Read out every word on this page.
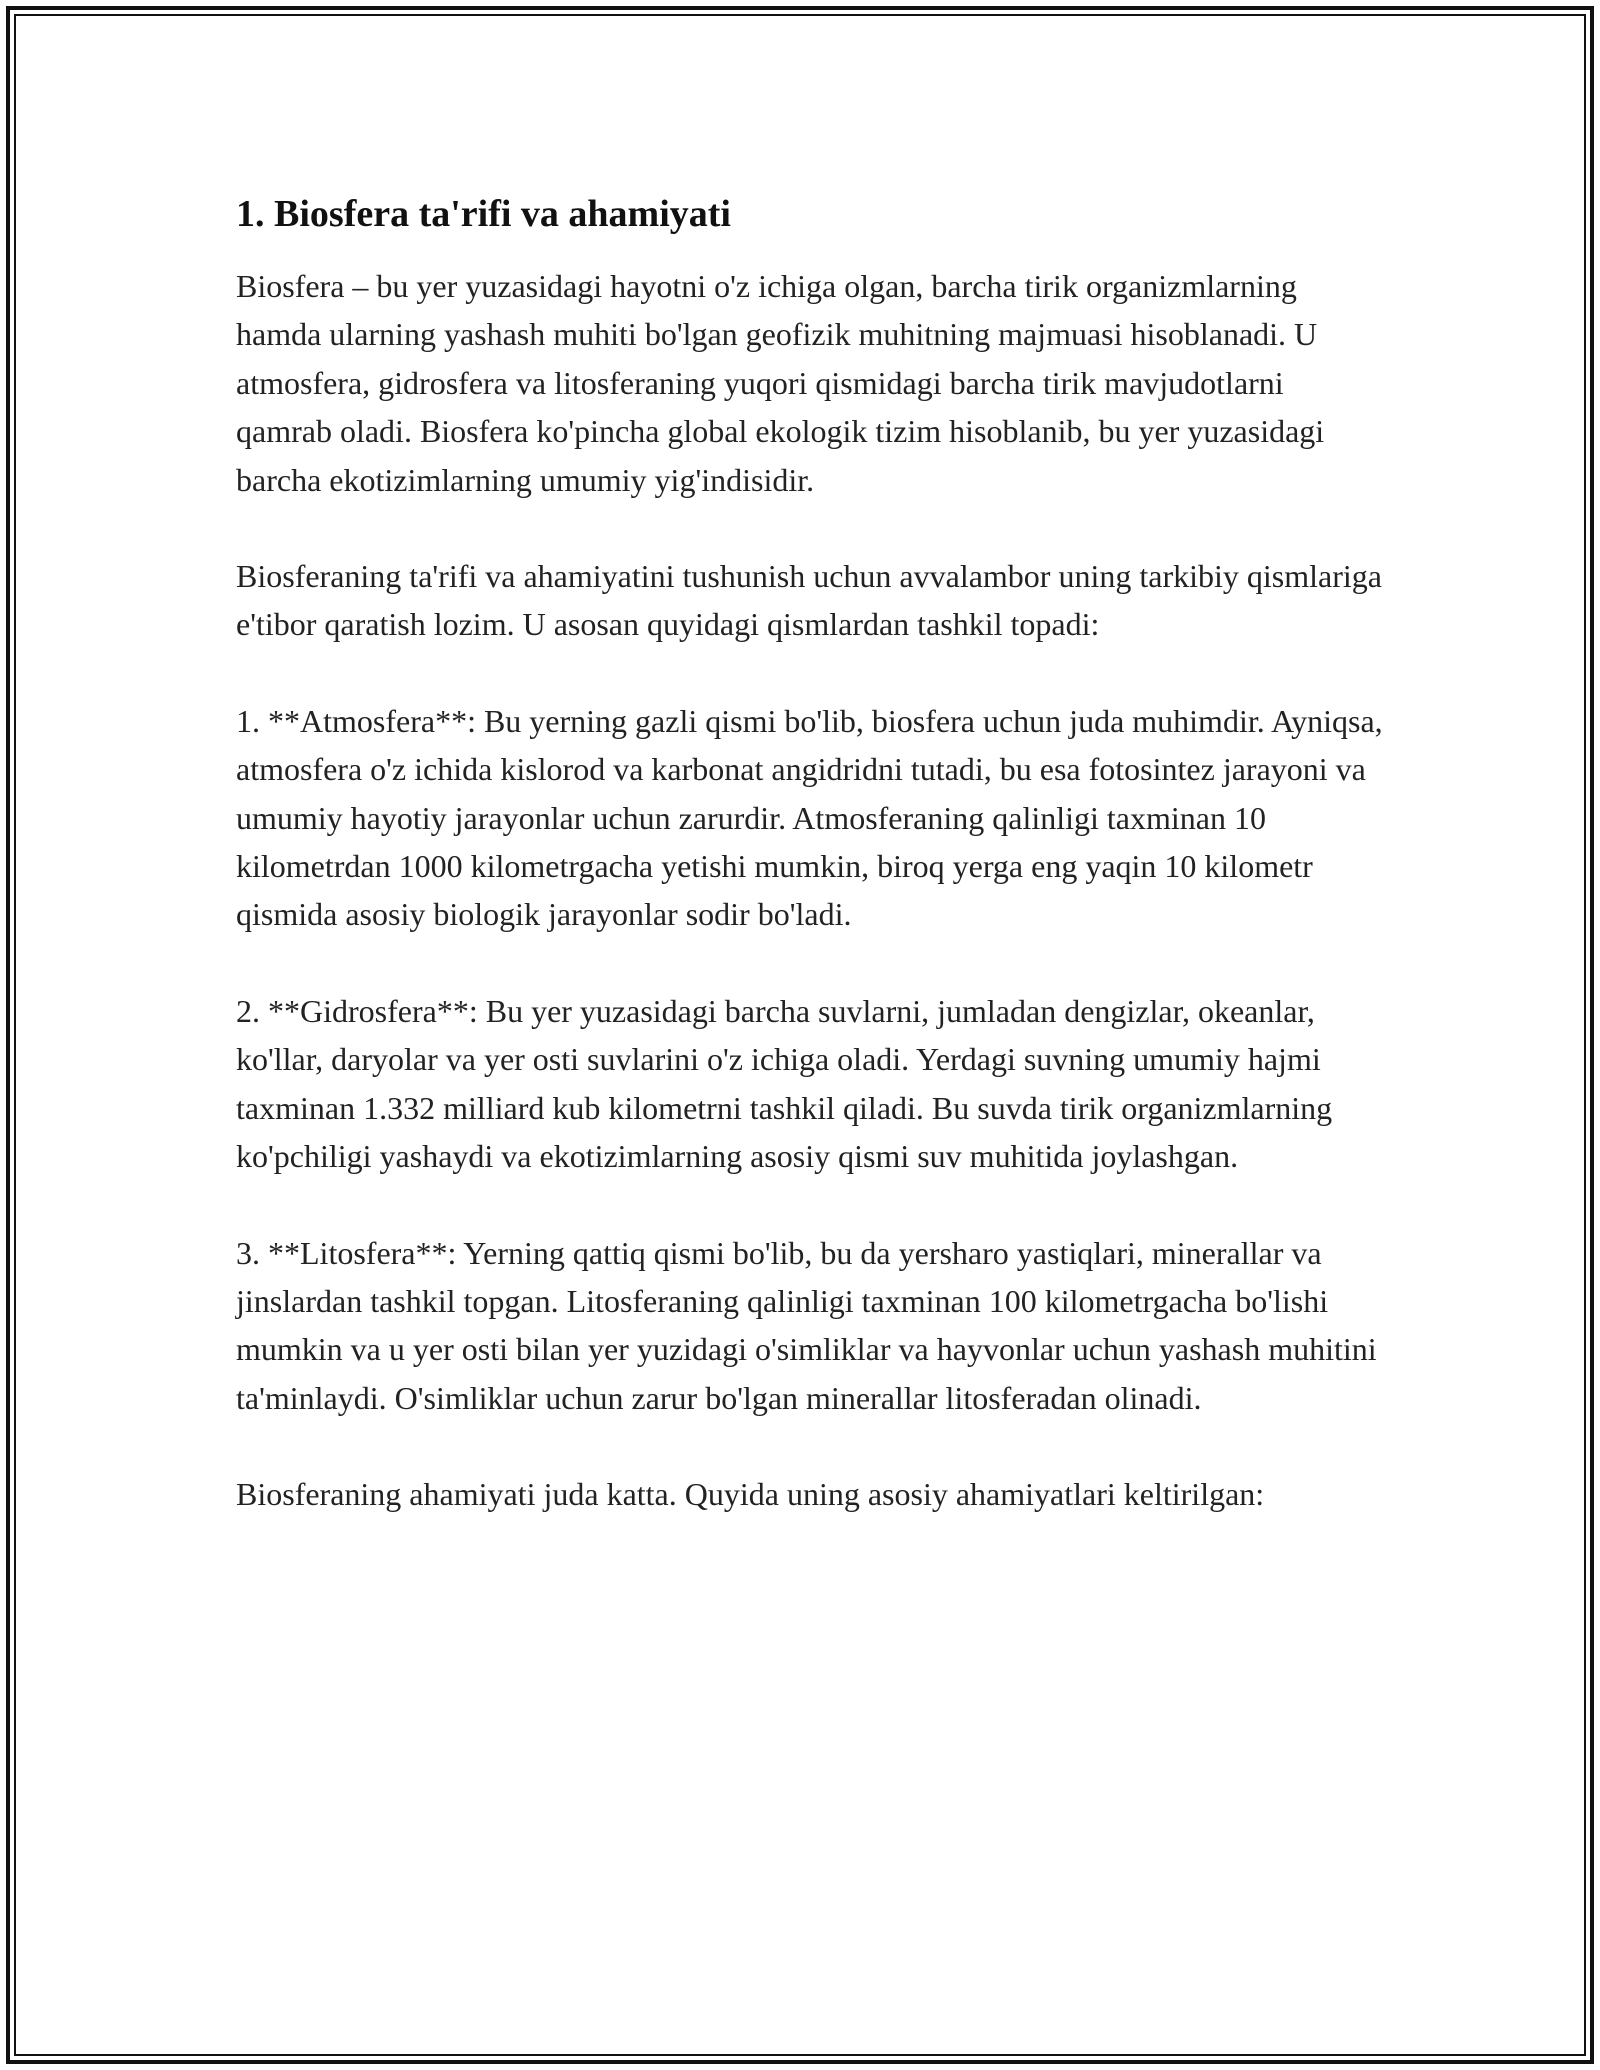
1. Biosfera ta'rifi va ahamiyati

Biosfera – bu yer yuzasidagi hayotni o'z ichiga olgan, barcha tirik organizmlarning hamda ularning yashash muhiti bo'lgan geofizik muhitning majmuasi hisoblanadi. U atmosfera, gidrosfera va litosferaning yuqori qismidagi barcha tirik mavjudotlarni qamrab oladi. Biosfera ko'pincha global ekologik tizim hisoblanib, bu yer yuzasidagi barcha ekotizimlarning umumiy yig'indisidir.

Biosferaning ta'rifi va ahamiyatini tushunish uchun avvalambor uning tarkibiy qismlariga e'tibor qaratish lozim. U asosan quyidagi qismlardan tashkil topadi:

1. **Atmosfera**: Bu yerning gazli qismi bo'lib, biosfera uchun juda muhimdir. Ayniqsa, atmosfera o'z ichida kislorod va karbonat angidridni tutadi, bu esa fotosintez jarayoni va umumiy hayotiy jarayonlar uchun zarurdir. Atmosferaning qalinligi taxminan 10 kilometrdan 1000 kilometrgacha yetishi mumkin, biroq yerga eng yaqin 10 kilometr qismida asosiy biologik jarayonlar sodir bo'ladi.

2. **Gidrosfera**: Bu yer yuzasidagi barcha suvlarni, jumladan dengizlar, okeanlar, ko'llar, daryolar va yer osti suvlarini o'z ichiga oladi. Yerdagi suvning umumiy hajmi taxminan 1.332 milliard kub kilometrni tashkil qiladi. Bu suvda tirik organizmlarning ko'pchiligi yashaydi va ekotizimlarning asosiy qismi suv muhitida joylashgan.

3. **Litosfera**: Yerning qattiq qismi bo'lib, bu da yersharo yastiqlari, minerallar va jinslardan tashkil topgan. Litosferaning qalinligi taxminan 100 kilometrgacha bo'lishi mumkin va u yer osti bilan yer yuzidagi o'simliklar va hayvonlar uchun yashash muhitini ta'minlaydi. O'simliklar uchun zarur bo'lgan minerallar litosferadan olinadi.

Biosferaning ahamiyati juda katta. Quyida uning asosiy ahamiyatlari keltirilgan:
